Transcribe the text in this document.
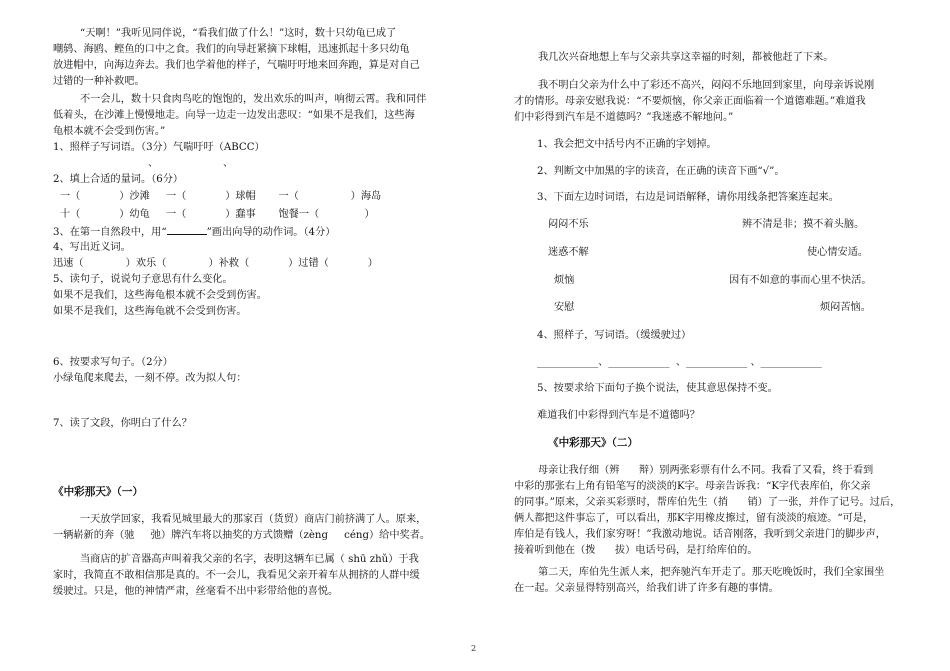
“天啊！”我听见同伴说，“看我们做了什么！”这时，数十只幼龟已成了
嘲鸫、海鸥、鲣鱼的口中之食。我们的向导赶紧摘下球帽，迅速抓起十多只幼龟
放进帽中，向海边奔去。我们也学着他的样子，气喘吁吁地来回奔跑，算是对自己
过错的一种补救吧。
不一会儿，数十只食肉鸟吃的饱饱的，发出欢乐的叫声，响彻云霄。我和同伴
低着头，在沙滩上慢慢地走。向导一边走一边发出悲叹：“如果不是我们，这些海
龟根本就不会受到伤害。”
1、照样子写词语。（3分）气喘吁吁（ABCC）
、                    、
2、填上合适的量词。（6分）
一（            ）沙滩     一（            ）球帽       一（                ）海岛
十（            ）幼龟     一（            ）蠢事       饱餐一（              ）
3、在第一自然段中，用“	”画出向导的动作词。（4分）
4、写出近义词。
迅速（             ）欢乐（             ）补救（            ）过错（            ）
5、读句子，说说句子意思有什么变化。
如果不是我们，这些海龟根本就不会受到伤害。
如果不是我们，这些海龟就不会受到伤害。
6、按要求写句子。（2分）
小绿龟爬来爬去，一刻不停。改为拟人句：
7、读了文段，你明白了什么？
《中彩那天》（一）
一天放学回家，我看见城里最大的那家百（货贸）商店门前挤满了人。原来，
一辆崭新的奔（驰     弛）牌汽车将以抽奖的方式馈赠（zèng     céng）给中奖者。
当商店的扩音器高声叫着我父亲的名字，表明这辆车已属（ shū zhǔ）于我
家时，我简直不敢相信那是真的。不一会儿，我看见父亲开着车从拥挤的人群中缓
缓驶过。只是，他的神情严肃，丝毫看不出中彩带给他的喜悦。
我几次兴奋地想上车与父亲共享这幸福的时刻，都被他赶了下来。
我不明白父亲为什么中了彩还不高兴，闷闷不乐地回到家里，向母亲诉说刚
才的情形。母亲安慰我说：“不要烦恼，你父亲正面临着一个道德难题。”难道我
们中彩得到汽车是不道德吗？”我迷惑不解地问。”
1、我会把文中括号内不正确的字划掉。
2、判断文中加黑的字的读音，在正确的读音下画“√”。
3、下面左边时词语，右边是词语解释，请你用线条把答案连起来。
闷闷不乐
迷惑不解
烦恼
安慰
辨不清是非；摸不着头脑。
使心情安适。
因有不如意的事而心里不快活。
烦闷苦恼。
4、照样子，写词语。（缓缓驶过）
____________、____________  、____________ 、____________
5、按要求给下面句子换个说法，使其意思保持不变。
难道我们中彩得到汽车是不道德吗？
《中彩那天》（二）
母亲让我仔细（辨      辩）别两张彩票有什么不同。我看了又看，终于看到
中彩的那张右上角有铅笔写的淡淡的K字。母亲告诉我：“K字代表库伯，你父亲
的同事。”原来，父亲买彩票时，帮库伯先生（捎      销）了一张，并作了记号。过后，
俩人都把这件事忘了，可以看出，那K字用橡皮擦过，留有淡淡的痕迹。“可是，
库伯是有钱人，我们家穷呀！”我激动地说。话音刚落，我听到父亲进门的脚步声，
接着听到他在（拨      拔）电话号码，是打给库伯的。
第二天，库伯先生派人来，把奔驰汽车开走了。那天吃晚饭时，我们全家围坐
在一起。父亲显得特别高兴，给我们讲了许多有趣的事情。
2
